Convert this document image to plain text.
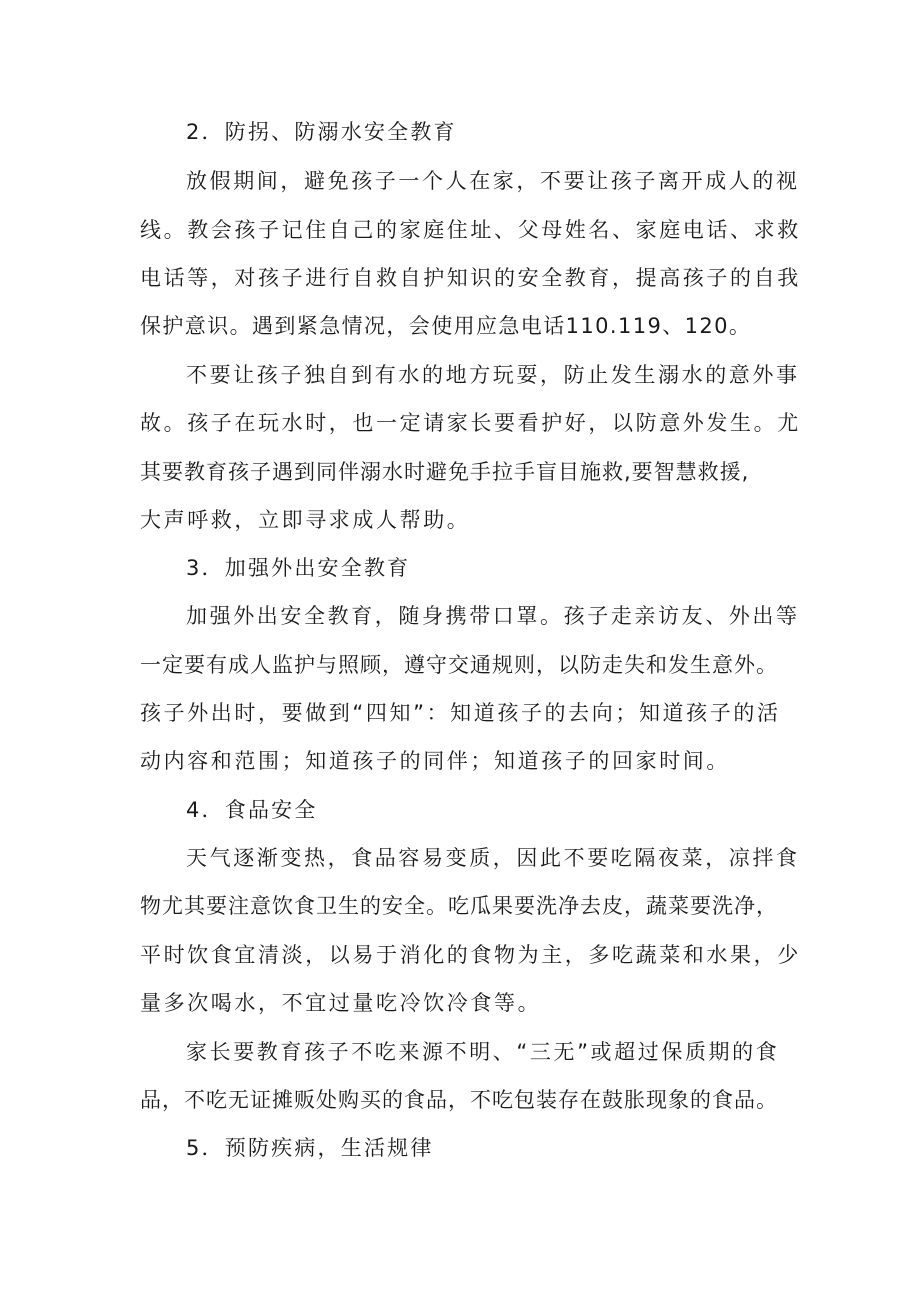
2．防拐、防溺水安全教育
放假期间，避免孩子一个人在家，不要让孩子离开成人的视
线。教会孩子记住自己的家庭住址、父母姓名、家庭电话、求救
电话等，对孩子进行自救自护知识的安全教育，提高孩子的自我
保护意识。遇到紧急情况，会使用应急电话110.119、120。
不要让孩子独自到有水的地方玩耍，防止发生溺水的意外事
故。孩子在玩水时，也一定请家长要看护好，以防意外发生。尤
其要教育孩子遇到同伴溺水时避免手拉手盲目施救,要智慧救援,
大声呼救，立即寻求成人帮助。
3．加强外出安全教育
加强外出安全教育，随身携带口罩。孩子走亲访友、外出等
一定要有成人监护与照顾，遵守交通规则，以防走失和发生意外。
孩子外出时，要做到“四知”：知道孩子的去向；知道孩子的活
动内容和范围；知道孩子的同伴；知道孩子的回家时间。
4．食品安全
天气逐渐变热，食品容易变质，因此不要吃隔夜菜，凉拌食
物尤其要注意饮食卫生的安全。吃瓜果要洗净去皮，蔬菜要洗净，
平时饮食宜清淡，以易于消化的食物为主，多吃蔬菜和水果，少
量多次喝水，不宜过量吃冷饮冷食等。
家长要教育孩子不吃来源不明、“三无”或超过保质期的食
品，不吃无证摊贩处购买的食品，不吃包装存在鼓胀现象的食品。
5．预防疾病，生活规律
